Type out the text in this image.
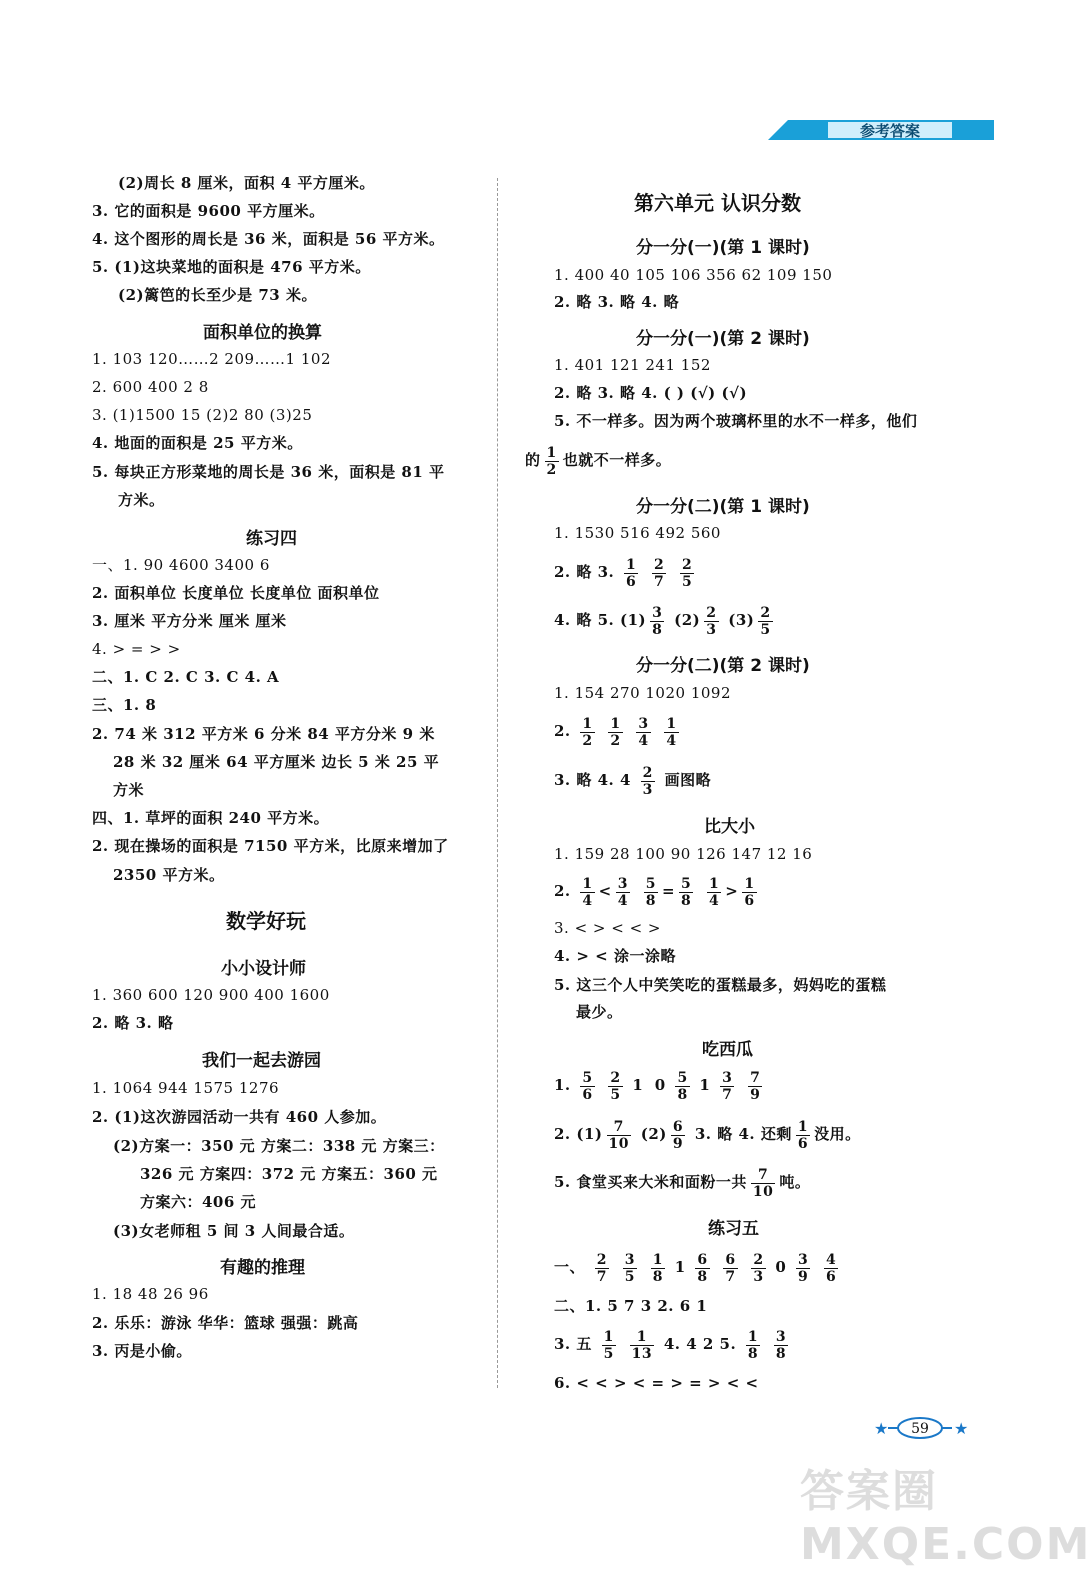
参考答案
(2)周长 8 厘米，面积 4 平方厘米。
3. 它的面积是 9600 平方厘米。
4. 这个图形的周长是 36 米，面积是 56 平方米。
5. (1)这块菜地的面积是 476 平方米。
(2)篱笆的长至少是 73 米。
面积单位的换算
1. 103 120……2 209……1 102
2. 600 400 2 8
3. (1)1500 15 (2)2 80 (3)25
4. 地面的面积是 25 平方米。
5. 每块正方形菜地的周长是 36 米，面积是 81 平
方米。
练习四
一、1. 90 4600 3400 6
2. 面积单位 长度单位 长度单位 面积单位
3. 厘米 平方分米 厘米 厘米
4. > = > >
二、1. C 2. C 3. C 4. A
三、1. 8
2. 74 米 312 平方米 6 分米 84 平方分米 9 米
28 米 32 厘米 64 平方厘米 边长 5 米 25 平
方米
四、1. 草坪的面积 240 平方米。
2. 现在操场的面积是 7150 平方米，比原来增加了
2350 平方米。
数学好玩
小小设计师
1. 360 600 120 900 400 1600
2. 略 3. 略
我们一起去游园
1. 1064 944 1575 1276
2. (1)这次游园活动一共有 460 人参加。
(2)方案一：350 元 方案二：338 元 方案三：
326 元 方案四：372 元 方案五：360 元
方案六：406 元
(3)女老师租 5 间 3 人间最合适。
有趣的推理
1. 18 48 26 96
2. 乐乐：游泳 华华：篮球 强强：跳高
3. 丙是小偷。
第六单元 认识分数
分一分(一)(第 1 课时)
1. 400 40 105 106 356 62 109 150
2. 略 3. 略 4. 略
分一分(一)(第 2 课时)
1. 401 121 241 152
2. 略 3. 略 4. ( ) (√) (√)
5. 不一样多。因为两个玻璃杯里的水不一样多，他们
的 $\frac{1}{2}$ 也就不一样多。
分一分(二)(第 1 课时)
1. 1530 516 492 560
2. 略 3. $\frac{1}{6}$
$\frac{2}{7}$
$\frac{2}{5}$
4. 略 5. $(1) \frac{3}{8} (2) \frac{2}{3} (3) \frac{2}{5}$
分一分(二)(第 2 课时)
1. 154 270 1020 1092
2. $\frac{1}{2}$
$\frac{1}{2}$
$\frac{3}{4}$
$\frac{1}{4}$
3. 略 4. $4 \frac{2}{3}$ 画图略
比大小
1. 159 28 100 90 126 147 12 16
2. $\frac{1}{4} < \frac{3}{4}$
$\frac{5}{8} = \frac{5}{8}$
$\frac{1}{4} > \frac{1}{6}$
3. < > < < >
4. > < 涂一涂略
5. 这三个人中笑笑吃的蛋糕最多，妈妈吃的蛋糕
最少。
吃西瓜
1. $\frac{5}{6}$
$\frac{2}{5} 1$ $0 \frac{5}{8} 1 \frac{3}{7}$
$\frac{7}{9}$
2. $(1) \frac{7}{10} (2) \frac{6}{9} 3$. 略 4. 还剩 $\frac{1}{6}$ 没用。
5. 食堂买来大米和面粉一共 $\frac{7}{10}$ 吨。
练习五
一、 $\frac{2}{7}$
$\frac{3}{5}$
$\frac{1}{8} 1 \frac{6}{8}$
$\frac{6}{7}$
$\frac{2}{3} 0 \frac{3}{9}$
$\frac{4}{6}$
二、1. 5 7 3 2. 6 1
3. 五 $\frac{1}{5}$
$\frac{1}{13} 4$. 4 2 5. $\frac{1}{8}$
$\frac{3}{8}$
6. < < > < = > = > < <
★ 59 ★
答案圈 MXQE.COM
